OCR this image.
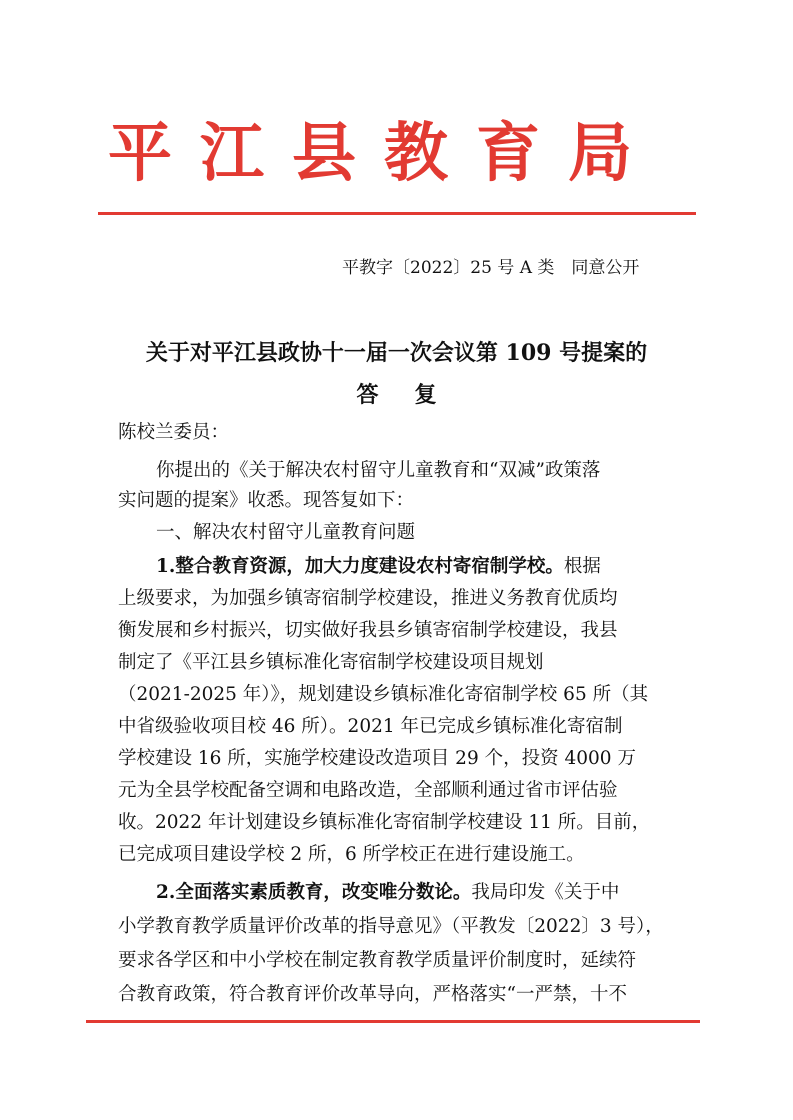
平江县教育局
平教字〔2022〕25 号 A 类　同意公开
关于对平江县政协十一届一次会议第 109 号提案的
答复
陈校兰委员：
你提出的《关于解决农村留守儿童教育和“双减”政策落
实问题的提案》收悉。现答复如下：
一、解决农村留守儿童教育问题
1.整合教育资源，加大力度建设农村寄宿制学校。根据
上级要求，为加强乡镇寄宿制学校建设，推进义务教育优质均
衡发展和乡村振兴，切实做好我县乡镇寄宿制学校建设，我县
制定了《平江县乡镇标准化寄宿制学校建设项目规划
（2021-2025 年）》，规划建设乡镇标准化寄宿制学校 65 所（其
中省级验收项目校 46 所）。2021 年已完成乡镇标准化寄宿制
学校建设 16 所，实施学校建设改造项目 29 个，投资 4000 万
元为全县学校配备空调和电路改造，全部顺利通过省市评估验
收。2022 年计划建设乡镇标准化寄宿制学校建设 11 所。目前，
已完成项目建设学校 2 所，6 所学校正在进行建设施工。
2.全面落实素质教育，改变唯分数论。我局印发《关于中
小学教育教学质量评价改革的指导意见》（平教发〔2022〕3 号），
要求各学区和中小学校在制定教育教学质量评价制度时，延续符
合教育政策，符合教育评价改革导向，严格落实“一严禁，十不
